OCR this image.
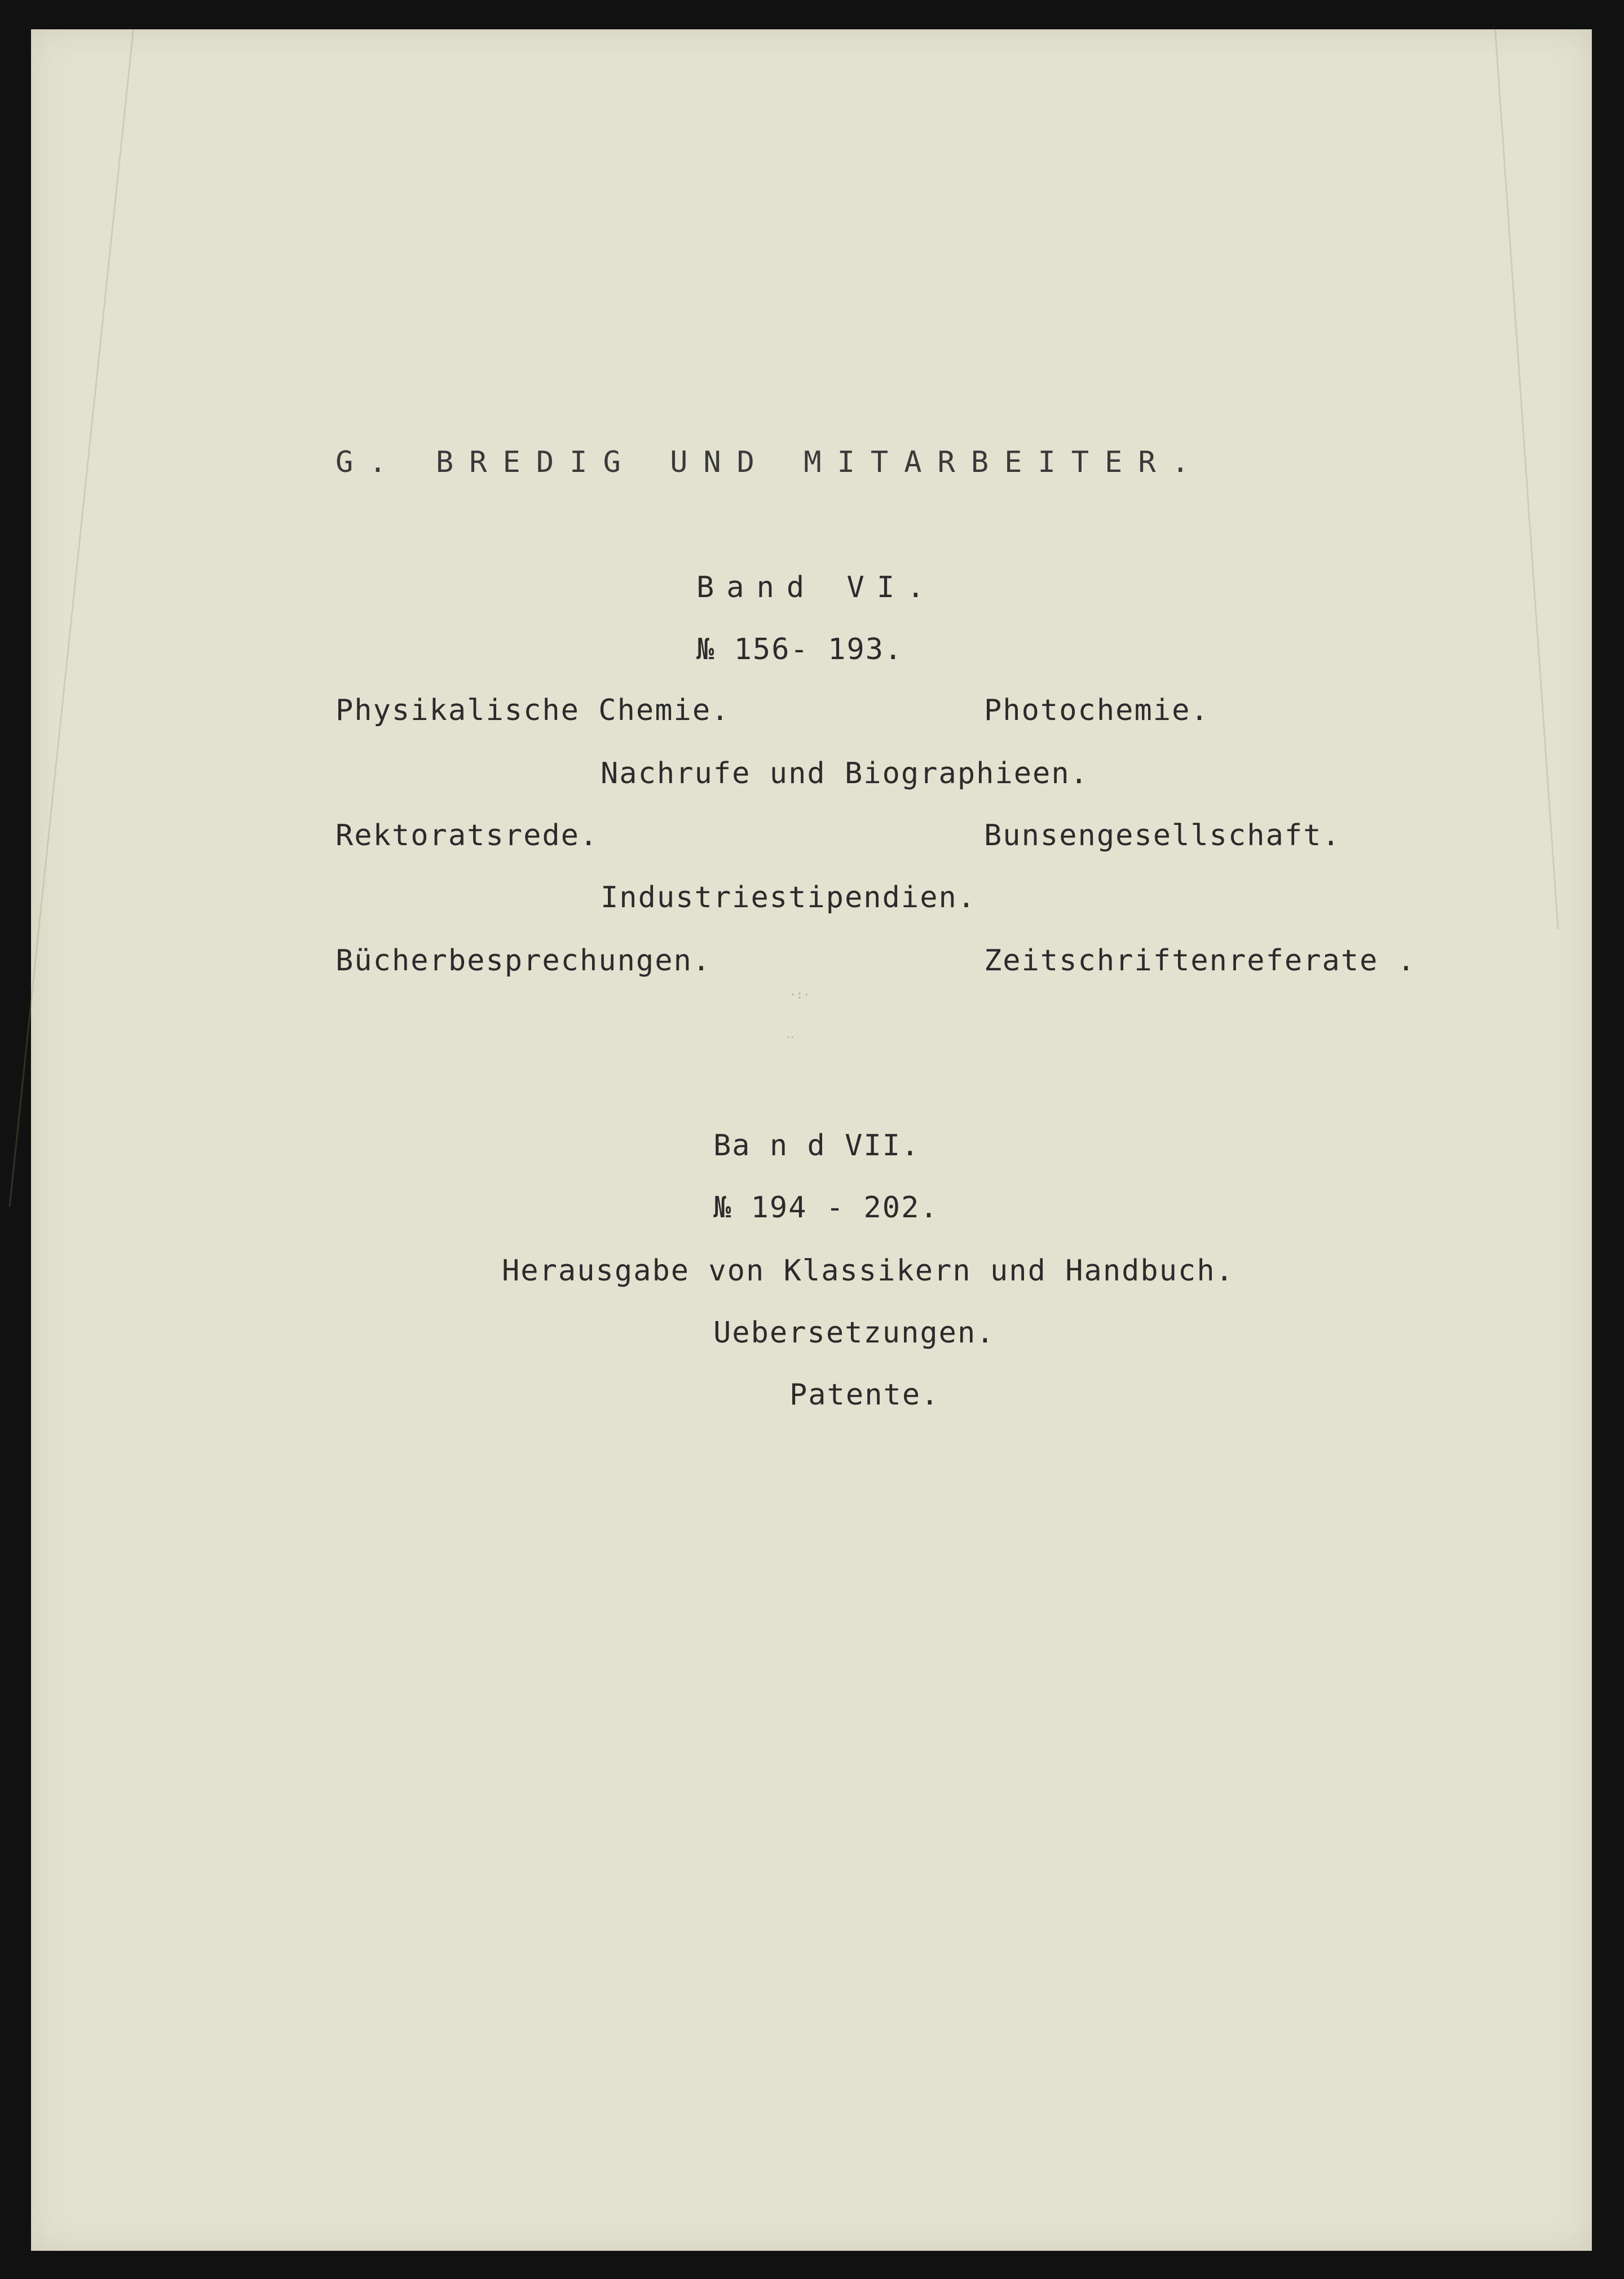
G. BREDIG UND MITARBEITER.
Band VI.
№ 156- 193.
Physikalische Chemie.	Photochemie.
Nachrufe und Biographieen.
Rektoratsrede.	Bunsengesellschaft.
Industriestipendien.
Bücherbesprechungen.	Zeitschriftenreferate .
·:·
‥
Ba n d VII.
№ 194 - 202.
Herausgabe von Klassikern und Handbuch.
Uebersetzungen.
Patente.
